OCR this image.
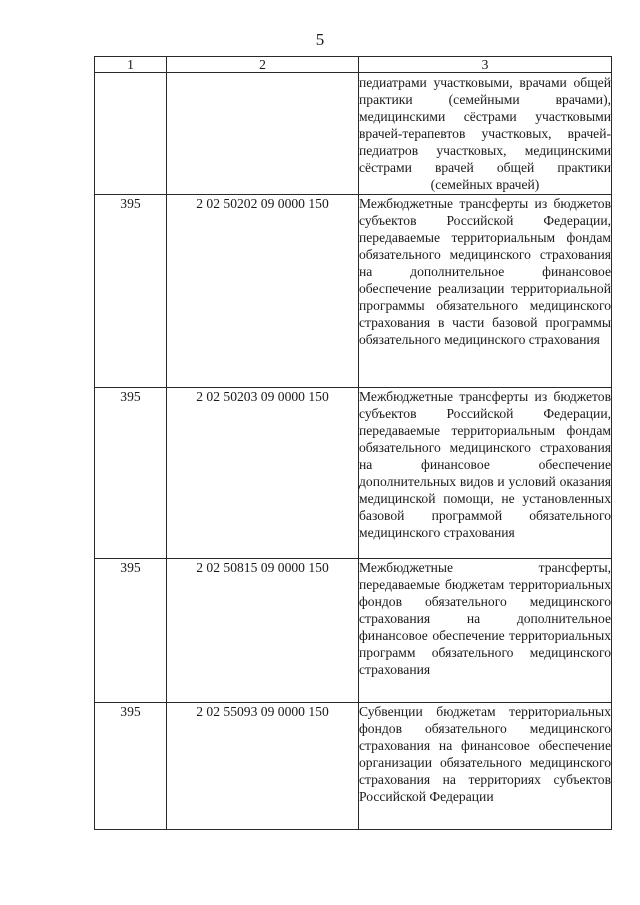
5
1	2	3
		педиатрами участковыми, врачами общей практики (семейными врачами), медицинскими сёстрами участковыми врачей-терапевтов участковых, врачей-педиатров участковых, медицинскими сёстрами врачей общей практики (семейных врачей)
395	2 02 50202 09 0000 150	Межбюджетные трансферты из бюджетов субъектов Российской Федерации, передаваемые территориальным фондам обязательного медицинского страхования на дополнительное финансовое обеспечение реализации территориальной программы обязательного медицинского страхования в части базовой программы обязательного медицинского страхования
395	2 02 50203 09 0000 150	Межбюджетные трансферты из бюджетов субъектов Российской Федерации, передаваемые территориальным фондам обязательного медицинского страхования на финансовое обеспечение дополнительных видов и условий оказания медицинской помощи, не установленных базовой программой обязательного медицинского страхования
395	2 02 50815 09 0000 150	Межбюджетные трансферты, передаваемые бюджетам территориальных фондов обязательного медицинского страхования на дополнительное финансовое обеспечение территориальных программ обязательного медицинского страхования
395	2 02 55093 09 0000 150	Субвенции бюджетам территориальных фондов обязательного медицинского страхования на финансовое обеспечение организации обязательного медицинского страхования на территориях субъектов Российской Федерации
